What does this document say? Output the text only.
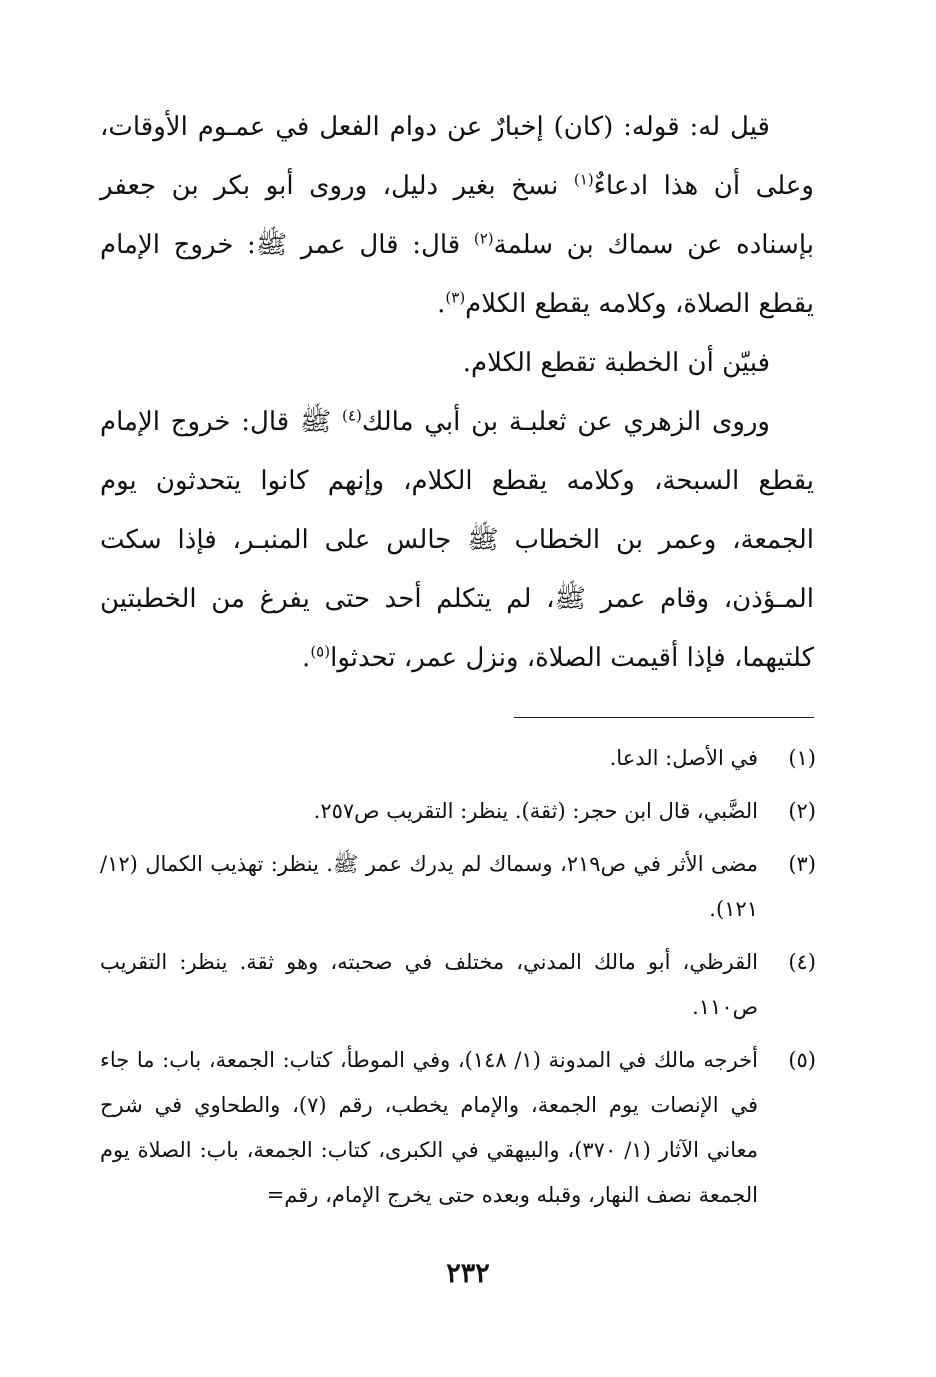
قيل له: قوله: (كان) إخبارٌ عن دوام الفعل في عمـوم الأوقات، وعلى أن هذا ادعاءٌ$^{(١)}$ نسخ بغير دليل، وروى أبو بكر بن جعفر بإسناده عن سماك بن سلمة$^{(٢)}$ قال: قال عمر ﷺ: خروج الإمام يقطع الصلاة، وكلامه يقطع الكلام$^{(٣)}$.

فبيّن أن الخطبة تقطع الكلام.

وروى الزهري عن ثعلبـة بن أبي مالك$^{(٤)}$ ﷺ قال: خروج الإمام يقطع السبحة، وكلامه يقطع الكلام، وإنهم كانوا يتحدثون يوم الجمعة، وعمر بن الخطاب ﷺ جالس على المنبـر، فإذا سكت المـؤذن، وقام عمر ﷺ، لم يتكلم أحد حتى يفرغ من الخطبتين كلتيهما، فإذا أقيمت الصلاة، ونزل عمر، تحدثوا$^{(٥)}$.

(١)
في الأصل: الدعا.
(٢)
الضَّبي، قال ابن حجر: (ثقة). ينظر: التقريب ص٢٥٧.
(٣)
مضى الأثر في ص٢١٩، وسماك لم يدرك عمر ﷺ. ينظر: تهذيب الكمال (١٢/ ١٢١).
(٤)
القرظي، أبو مالك المدني، مختلف في صحبته، وهو ثقة. ينظر: التقريب ص١١٠.
(٥)
أخرجه مالك في المدونة (١/ ١٤٨)، وفي الموطأ، كتاب: الجمعة، باب: ما جاء في الإنصات يوم الجمعة، والإمام يخطب، رقم (٧)، والطحاوي في شرح معاني الآثار (١/ ٣٧٠)، والبيهقي في الكبرى، كتاب: الجمعة، باب: الصلاة يوم الجمعة نصف النهار، وقبله وبعده حتى يخرج الإمام، رقم=
٢٣٢
